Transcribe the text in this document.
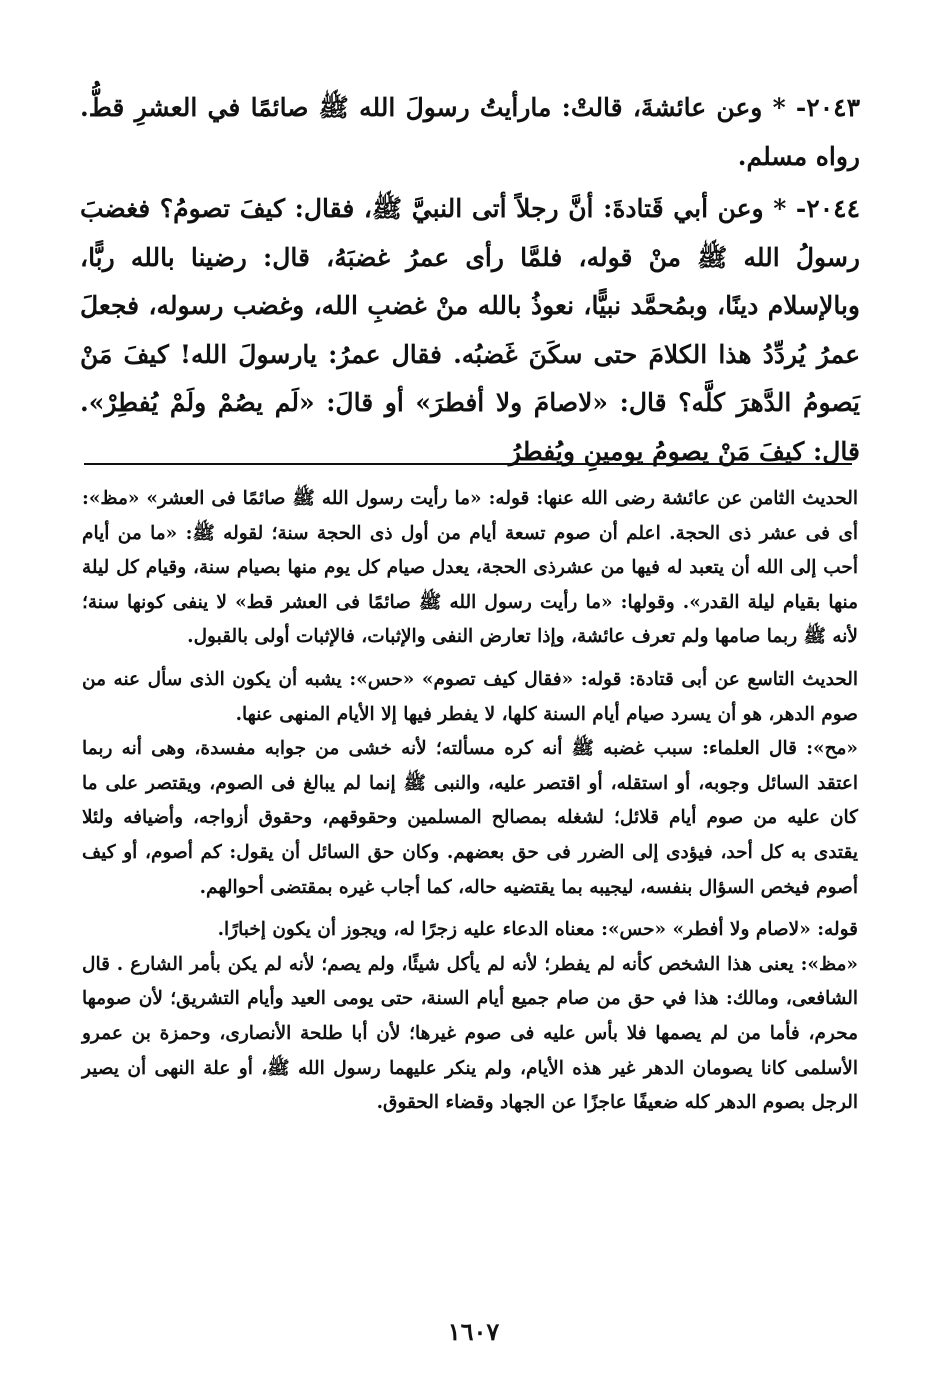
٢٠٤٣- * وعن عائشةَ، قالتْ: مارأيتُ رسولَ الله ﷺ صائمًا في العشرِ قطُّ. رواه مسلم.

٢٠٤٤- * وعن أبي قَتادةَ: أنَّ رجلاً أتى النبيَّ ﷺ، فقال: كيفَ تصومُ؟ فغضبَ رسولُ الله ﷺ منْ قوله، فلمَّا رأى عمرُ غضبَهُ، قال: رضينا بالله ربًّا، وبالإسلام دينًا، وبمُحمَّد نبيًّا، نعوذُ بالله منْ غضبِ الله، وغضب رسوله، فجعلَ عمرُ يُردِّدُ هذا الكلامَ حتى سكَنَ غَضبُه. فقال عمرُ: يارسولَ الله! كيفَ مَنْ يَصومُ الدَّهرَ كلَّه؟ قال: «لاصامَ ولا أفطرَ» أو قالَ: «لَم يصُمْ ولَمْ يُفطِرْ». قال: كيفَ مَنْ يصومُ يومينِ ويُفطرُ

الحديث الثامن عن عائشة رضى الله عنها: قوله: «ما رأيت رسول الله ﷺ صائمًا فى العشر» «مظ»: أى فى عشر ذى الحجة. اعلم أن صوم تسعة أيام من أول ذى الحجة سنة؛ لقوله ﷺ: «ما من أيام أحب إلى الله أن يتعبد له فيها من عشرذى الحجة، يعدل صيام كل يوم منها بصيام سنة، وقيام كل ليلة منها بقيام ليلة القدر». وقولها: «ما رأيت رسول الله ﷺ صائمًا فى العشر قط» لا ينفى كونها سنة؛ لأنه ﷺ ربما صامها ولم تعرف عائشة، وإذا تعارض النفى والإثبات، فالإثبات أولى بالقبول.

الحديث التاسع عن أبى قتادة: قوله: «فقال كيف تصوم» «حس»: يشبه أن يكون الذى سأل عنه من صوم الدهر، هو أن يسرد صيام أيام السنة كلها، لا يفطر فيها إلا الأيام المنهى عنها.

«مح»: قال العلماء: سبب غضبه ﷺ أنه كره مسألته؛ لأنه خشى من جوابه مفسدة، وهى أنه ربما اعتقد السائل وجوبه، أو استقله، أو اقتصر عليه، والنبى ﷺ إنما لم يبالغ فى الصوم، ويقتصر على ما كان عليه من صوم أيام قلائل؛ لشغله بمصالح المسلمين وحقوقهم، وحقوق أزواجه، وأضيافه ولئلا يقتدى به كل أحد، فيؤدى إلى الضرر فى حق بعضهم. وكان حق السائل أن يقول: كم أصوم، أو كيف أصوم فيخص السؤال بنفسه، ليجيبه بما يقتضيه حاله، كما أجاب غيره بمقتضى أحوالهم.

قوله: «لاصام ولا أفطر» «حس»: معناه الدعاء عليه زجرًا له، ويجوز أن يكون إخبارًا.

«مظ»: يعنى هذا الشخص كأنه لم يفطر؛ لأنه لم يأكل شيئًا، ولم يصم؛ لأنه لم يكن بأمر الشارع . قال الشافعى، ومالك: هذا في حق من صام جميع أيام السنة، حتى يومى العيد وأيام التشريق؛ لأن صومها محرم، فأما من لم يصمها فلا بأس عليه فى صوم غيرها؛ لأن أبا طلحة الأنصارى، وحمزة بن عمرو الأسلمى كانا يصومان الدهر غير هذه الأيام، ولم ينكر عليهما رسول الله ﷺ، أو علة النهى أن يصير الرجل بصوم الدهر كله ضعيفًا عاجزًا عن الجهاد وقضاء الحقوق.

١٦٠٧
